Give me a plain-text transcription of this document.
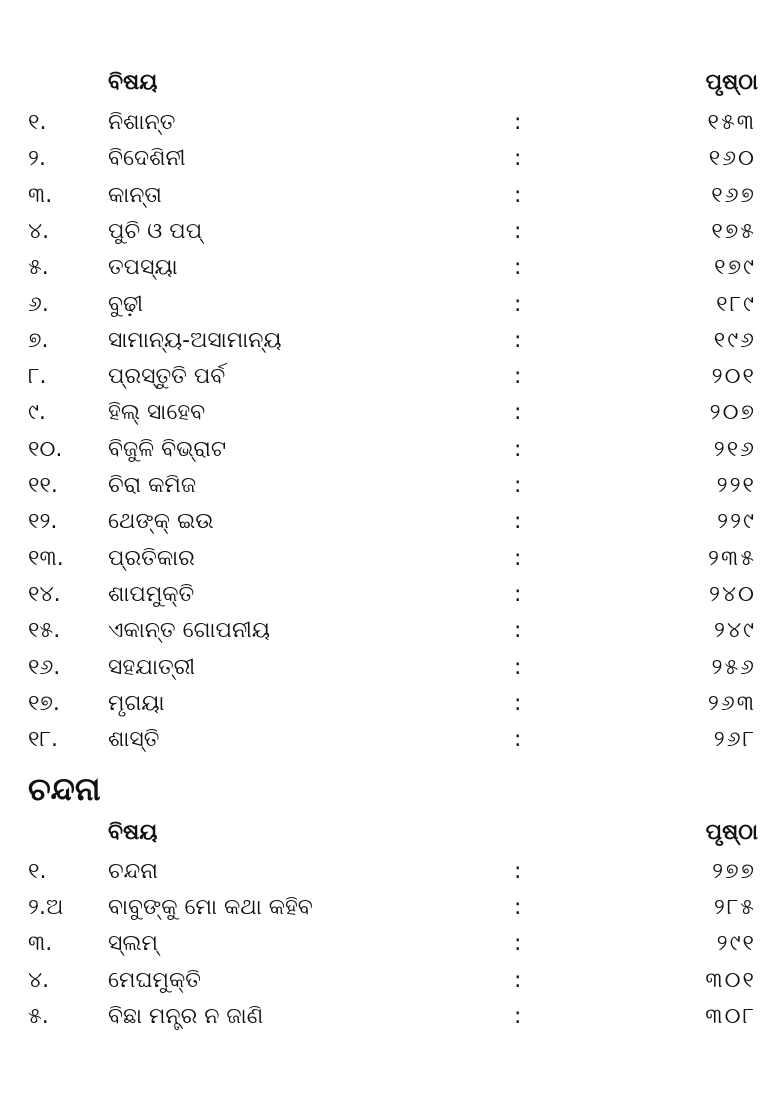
ବିଷୟ	ପୃଷ୍ଠା
୧.	ନିଶାନ୍ତ	:	୧୫୩
୨.	ବିଦେଶିନୀ	:	୧୬୦
୩.	କାନ୍ତା	:	୧୬୭
୪.	ପୁଚି ଓ ପପ୍	:	୧୭୫
୫.	ତପସ୍ୟା	:	୧୭୯
୬.	ବୁଢ଼ୀ	:	୧୮୯
୭.	ସାମାନ୍ୟ-ଅସାମାନ୍ୟ	:	୧୯୬
୮.	ପ୍ରସ୍ତୁତି ପର୍ବ	:	୨୦୧
୯.	ହିଲ୍ ସାହେବ	:	୨୦୭
୧୦. ବିଜୁଳି ବିଭ୍ରାଟ	:	୨୧୬
୧୧. ଚିରା କମିଜ	:	୨୨୧
୧୨. ଥେଙ୍କ୍ ଇଉ	:	୨୨୯
୧୩. ପ୍ରତିକାର	:	୨୩୫
୧୪. ଶାପମୁକ୍ତି	:	୨୪୦
୧୫. ଏକାନ୍ତ ଗୋପନୀୟ	:	୨୪୯
୧୬. ସହଯାତ୍ରୀ	:	୨୫୬
୧୭. ମୃଗୟା	:	୨୬୩
୧୮. ଶାସ୍ତି	:	୨୬୮
ଚନ୍ଦନା
ବିଷୟ	ପୃଷ୍ଠା
୧.	ଚନ୍ଦନା	:	୨୭୭
୨.ଅ ବାବୁଙ୍କୁ ମୋ କଥା କହିବ	:	୨୮୫
୩.	ସ୍ଲମ୍	:	୨୯୧
୪.	ମେଘମୁକ୍ତି	:	୩୦୧
୫.	ବିଛା ମନ୍ତ୍ର ନ ଜାଣି	:	୩୦୮
